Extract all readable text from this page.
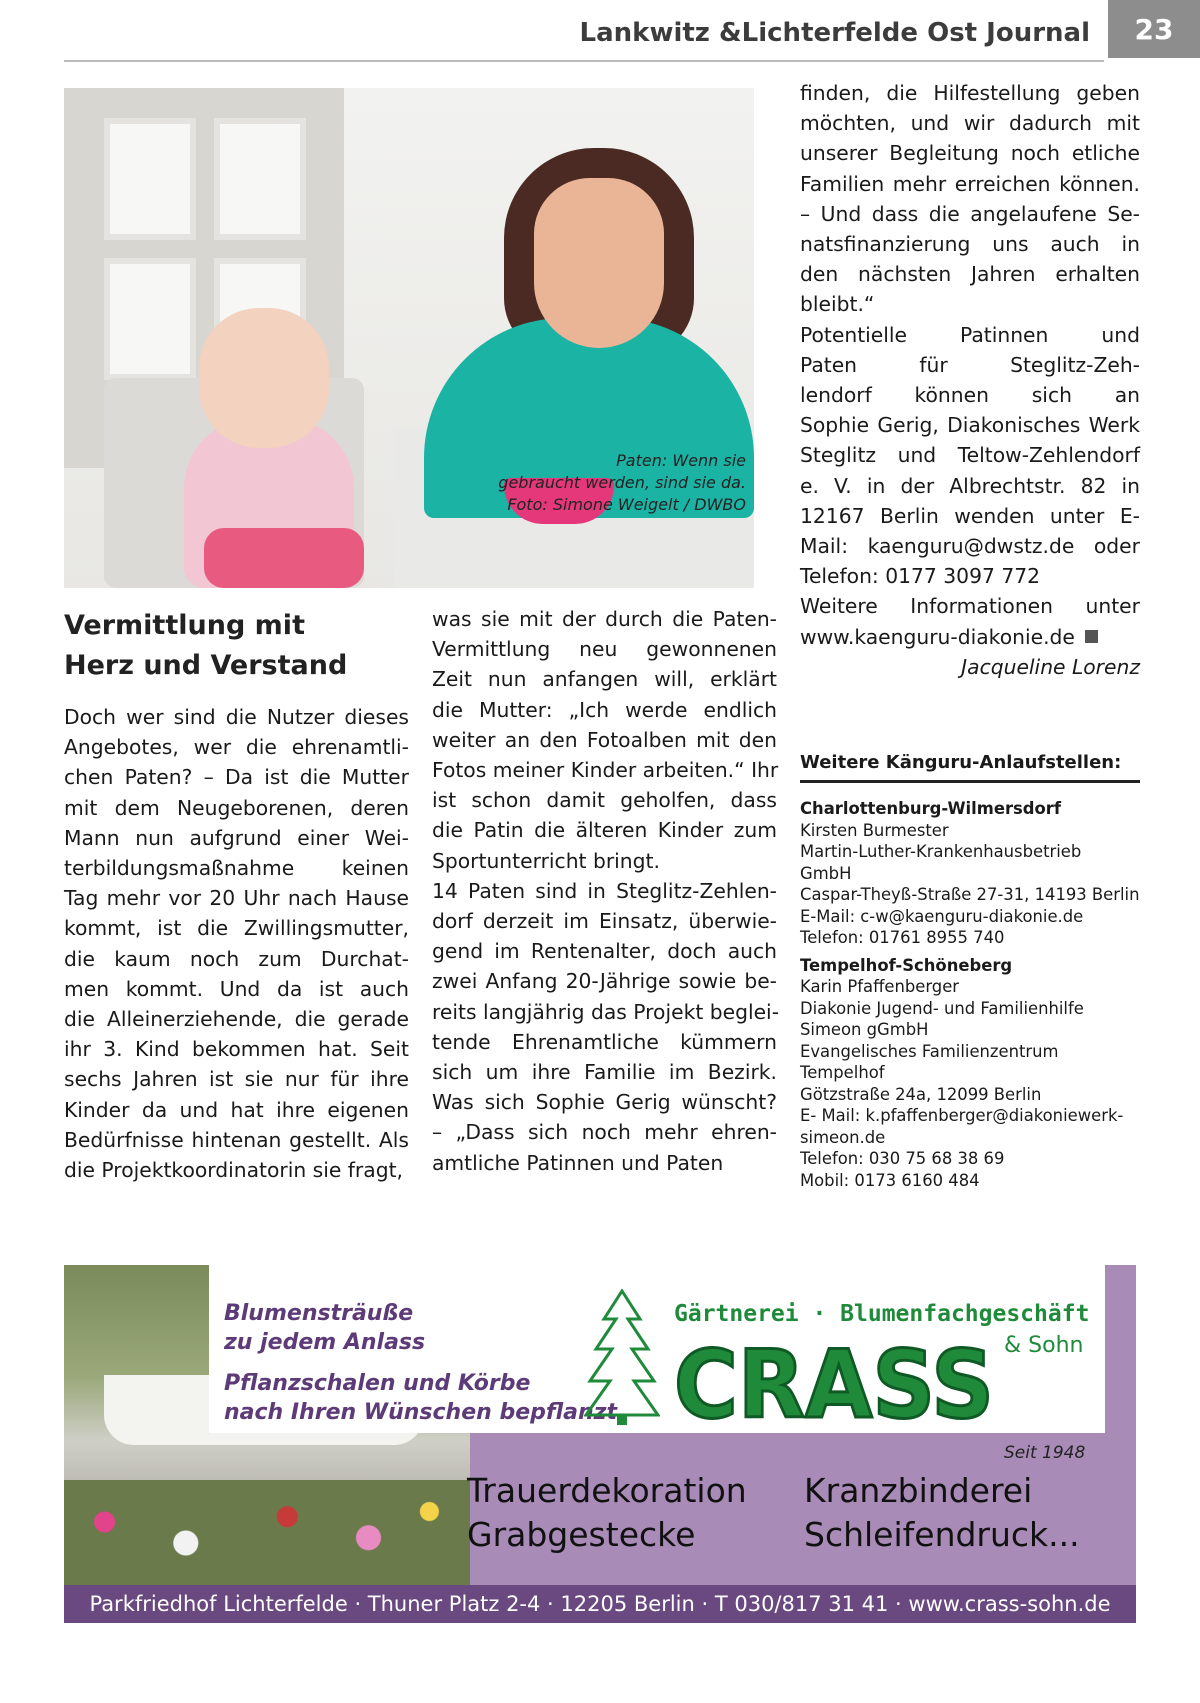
Lankwitz &Lichterfelde Ost Journal	23
Paten: Wenn sie
gebraucht werden, sind sie da.
Foto: Simone Weigelt / DWBO
Vermittlung mit
Herz und Verstand
Doch wer sind die Nutzer dieses
Angebotes, wer die ehrenamtli-
chen Paten? – Da ist die Mutter
mit dem Neugeborenen, deren
Mann nun aufgrund einer Wei-
terbildungsmaßnahme keinen
Tag mehr vor 20 Uhr nach Hause
kommt, ist die Zwillingsmutter,
die kaum noch zum Durchat-
men kommt. Und da ist auch
die Alleinerziehende, die gerade
ihr 3. Kind bekommen hat. Seit
sechs Jahren ist sie nur für ihre
Kinder da und hat ihre eigenen
Bedürfnisse hintenan gestellt. Als
die Projektkoordinatorin sie fragt,
was sie mit der durch die Paten-
Vermittlung neu gewonnenen
Zeit nun anfangen will, erklärt
die Mutter: „Ich werde endlich
weiter an den Fotoalben mit den
Fotos meiner Kinder arbeiten.“ Ihr
ist schon damit geholfen, dass
die Patin die älteren Kinder zum
Sportunterricht bringt.
14 Paten sind in Steglitz-Zehlen-
dorf derzeit im Einsatz, überwie-
gend im Rentenalter, doch auch
zwei Anfang 20-Jährige sowie be-
reits langjährig das Projekt beglei-
tende Ehrenamtliche kümmern
sich um ihre Familie im Bezirk.
Was sich Sophie Gerig wünscht?
– „Dass sich noch mehr ehren-
amtliche Patinnen und Paten
finden, die Hilfestellung geben
möchten, und wir dadurch mit
unserer Begleitung noch etliche
Familien mehr erreichen können.
– Und dass die angelaufene Se-
natsfinanzierung uns auch in
den nächsten Jahren erhalten
bleibt.“
Potentielle Patinnen und
Paten für Steglitz-Zeh-
lendorf können sich an
Sophie Gerig, Diakonisches Werk
Steglitz und Teltow-Zehlendorf
e. V. in der Albrechtstr. 82 in
12167 Berlin wenden unter E-
Mail: kaenguru@dwstz.de oder
Telefon: 0177 3097 772
Weitere Informationen unter
www.kaenguru-diakonie.de
Jacqueline Lorenz
Weitere Känguru-Anlaufstellen:
Charlottenburg-Wilmersdorf
Kirsten Burmester
Martin-Luther-Krankenhausbetrieb
GmbH
Caspar-Theyß-Straße 27-31, 14193 Berlin
E-Mail: c-w@kaenguru-diakonie.de
Telefon: 01761 8955 740
Tempelhof-Schöneberg
Karin Pfaffenberger
Diakonie Jugend- und Familienhilfe
Simeon gGmbH
Evangelisches Familienzentrum
Tempelhof
Götzstraße 24a, 12099 Berlin
E- Mail: k.pfaffenberger@diakoniewerk-
simeon.de
Telefon: 030 75 68 38 69
Mobil: 0173 6160 484
Blumensträuße
zu jedem Anlass
Pflanzschalen und Körbe
nach Ihren Wünschen bepflanzt
Gärtnerei · Blumenfachgeschäft
CRASS & Sohn
Seit 1948
Trauerdekoration
Grabgestecke
Kranzbinderei
Schleifendruck...
Parkfriedhof Lichterfelde · Thuner Platz 2-4 · 12205 Berlin · T 030/817 31 41 · www.crass-sohn.de
